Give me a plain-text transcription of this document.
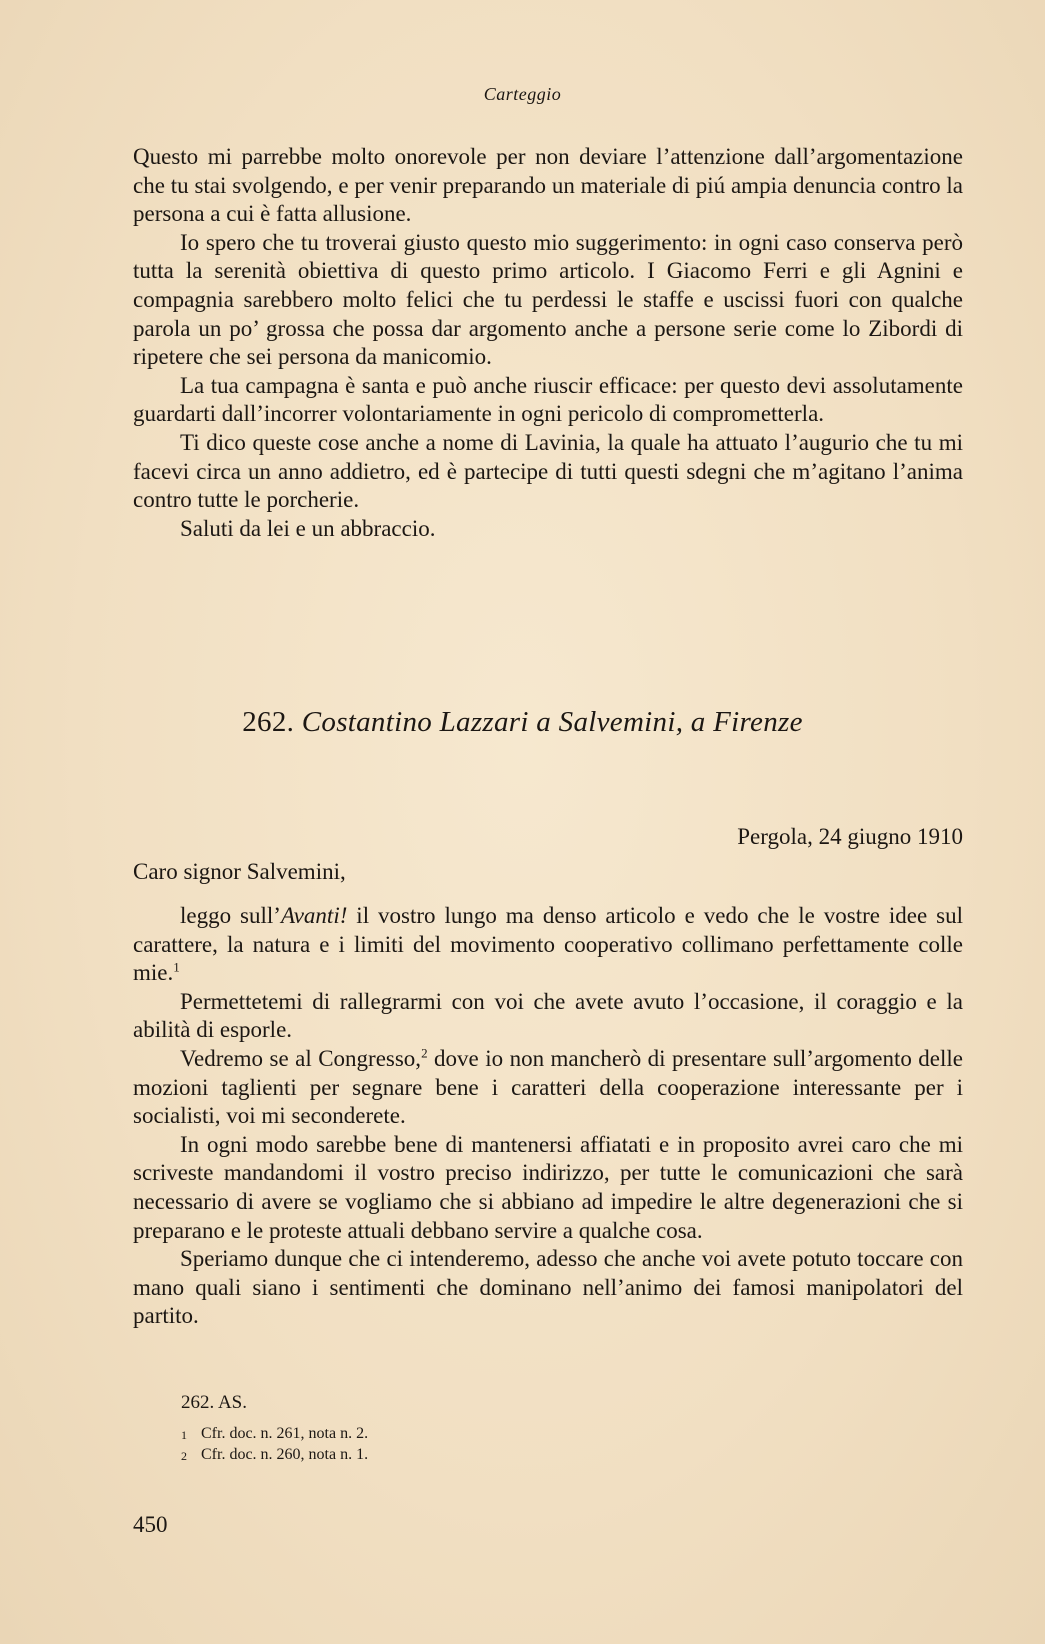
Carteggio

Questo mi parrebbe molto onorevole per non deviare l’attenzione dall’argomentazione che tu stai svolgendo, e per venir preparando un materiale di piú ampia denuncia contro la persona a cui è fatta allusione.

Io spero che tu troverai giusto questo mio suggerimento: in ogni caso conserva però tutta la serenità obiettiva di questo primo articolo. I Giacomo Ferri e gli Agnini e compagnia sarebbero molto felici che tu perdessi le staffe e uscissi fuori con qualche parola un po’ grossa che possa dar argomento anche a persone serie come lo Zibordi di ripetere che sei persona da manicomio.

La tua campagna è santa e può anche riuscir efficace: per questo devi assolutamente guardarti dall’incorrer volontariamente in ogni pericolo di comprometterla.

Ti dico queste cose anche a nome di Lavinia, la quale ha attuato l’augurio che tu mi facevi circa un anno addietro, ed è partecipe di tutti questi sdegni che m’agitano l’anima contro tutte le porcherie.

Saluti da lei e un abbraccio.

262. Costantino Lazzari a Salvemini, a Firenze
Pergola, 24 giugno 1910
Caro signor Salvemini,

leggo sull’Avanti! il vostro lungo ma denso articolo e vedo che le vostre idee sul carattere, la natura e i limiti del movimento cooperativo collimano perfettamente colle mie.$^1$

Permettetemi di rallegrarmi con voi che avete avuto l’occasione, il coraggio e la abilità di esporle.

Vedremo se al Congresso,$^2$ dove io non mancherò di presentare sull’argomento delle mozioni taglienti per segnare bene i caratteri della cooperazione interessante per i socialisti, voi mi seconderete.

In ogni modo sarebbe bene di mantenersi affiatati e in proposito avrei caro che mi scriveste mandandomi il vostro preciso indirizzo, per tutte le comunicazioni che sarà necessario di avere se vogliamo che si abbiano ad impedire le altre degenerazioni che si preparano e le proteste attuali debbano servire a qualche cosa.

Speriamo dunque che ci intenderemo, adesso che anche voi avete potuto toccare con mano quali siano i sentimenti che dominano nell’animo dei famosi manipolatori del partito.

262. AS.
1 Cfr. doc. n. 261, nota n. 2.
2 Cfr. doc. n. 260, nota n. 1.
450
